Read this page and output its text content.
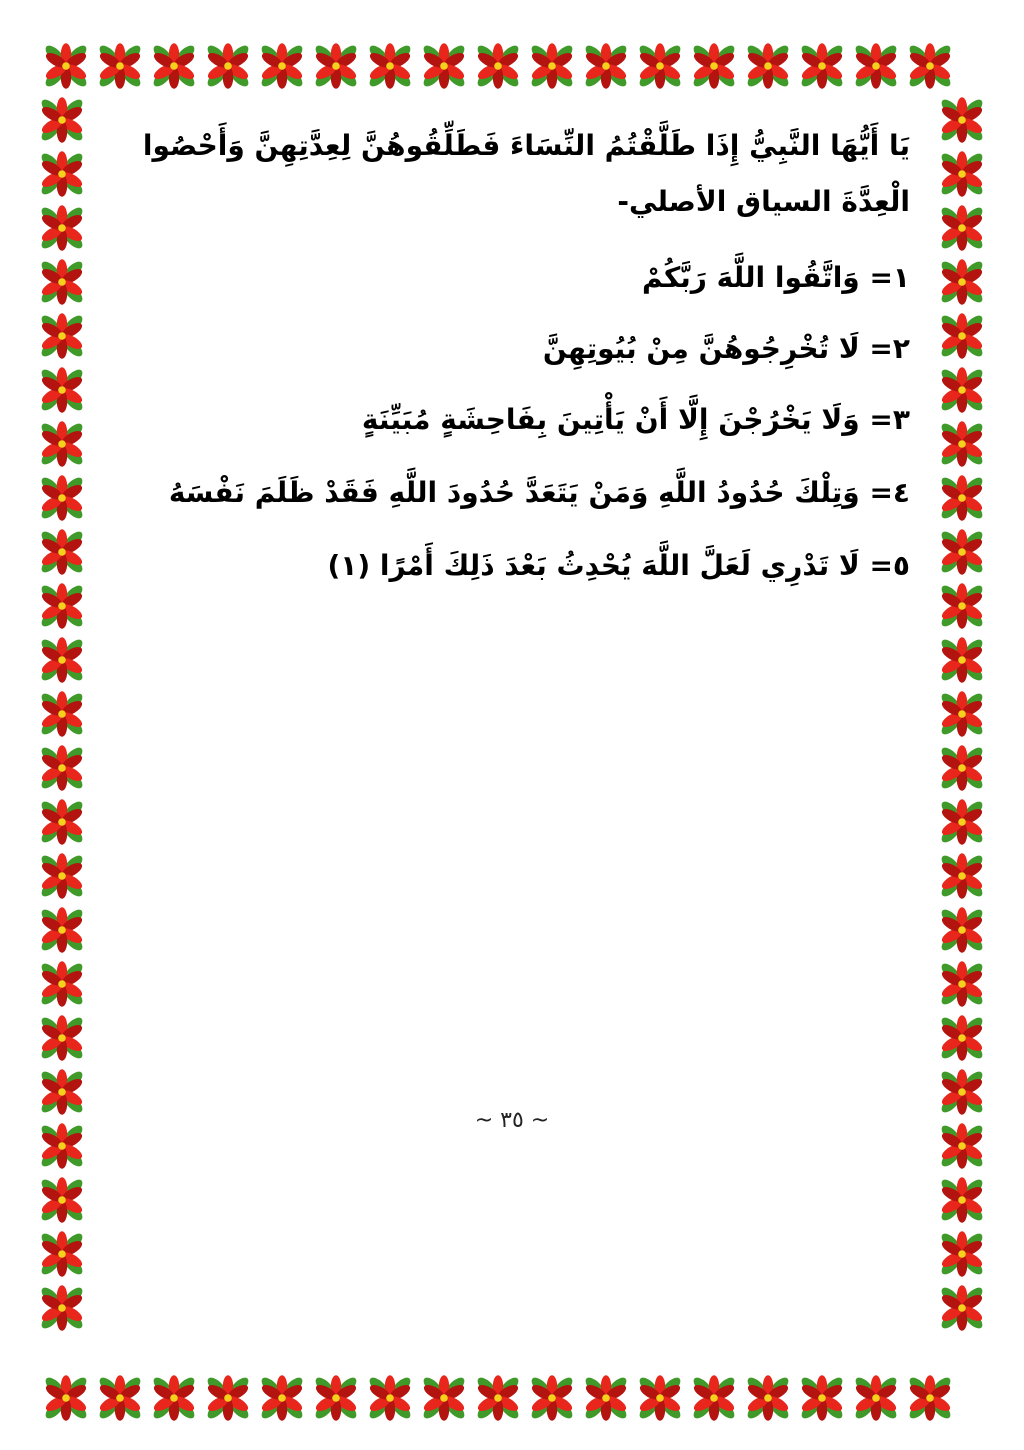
يَا أَيُّهَا النَّبِيُّ إِذَا طَلَّقْتُمُ النِّسَاءَ فَطَلِّقُوهُنَّ لِعِدَّتِهِنَّ وَأَحْصُوا الْعِدَّةَ السياق الأصلي-

١= وَاتَّقُوا اللَّهَ رَبَّكُمْ

٢= لَا تُخْرِجُوهُنَّ مِنْ بُيُوتِهِنَّ

٣= وَلَا يَخْرُجْنَ إِلَّا أَنْ يَأْتِينَ بِفَاحِشَةٍ مُبَيِّنَةٍ

٤= وَتِلْكَ حُدُودُ اللَّهِ وَمَنْ يَتَعَدَّ حُدُودَ اللَّهِ فَقَدْ ظَلَمَ نَفْسَهُ

٥= لَا تَدْرِي لَعَلَّ اللَّهَ يُحْدِثُ بَعْدَ ذَلِكَ أَمْرًا (١)

~ ٣٥ ~
